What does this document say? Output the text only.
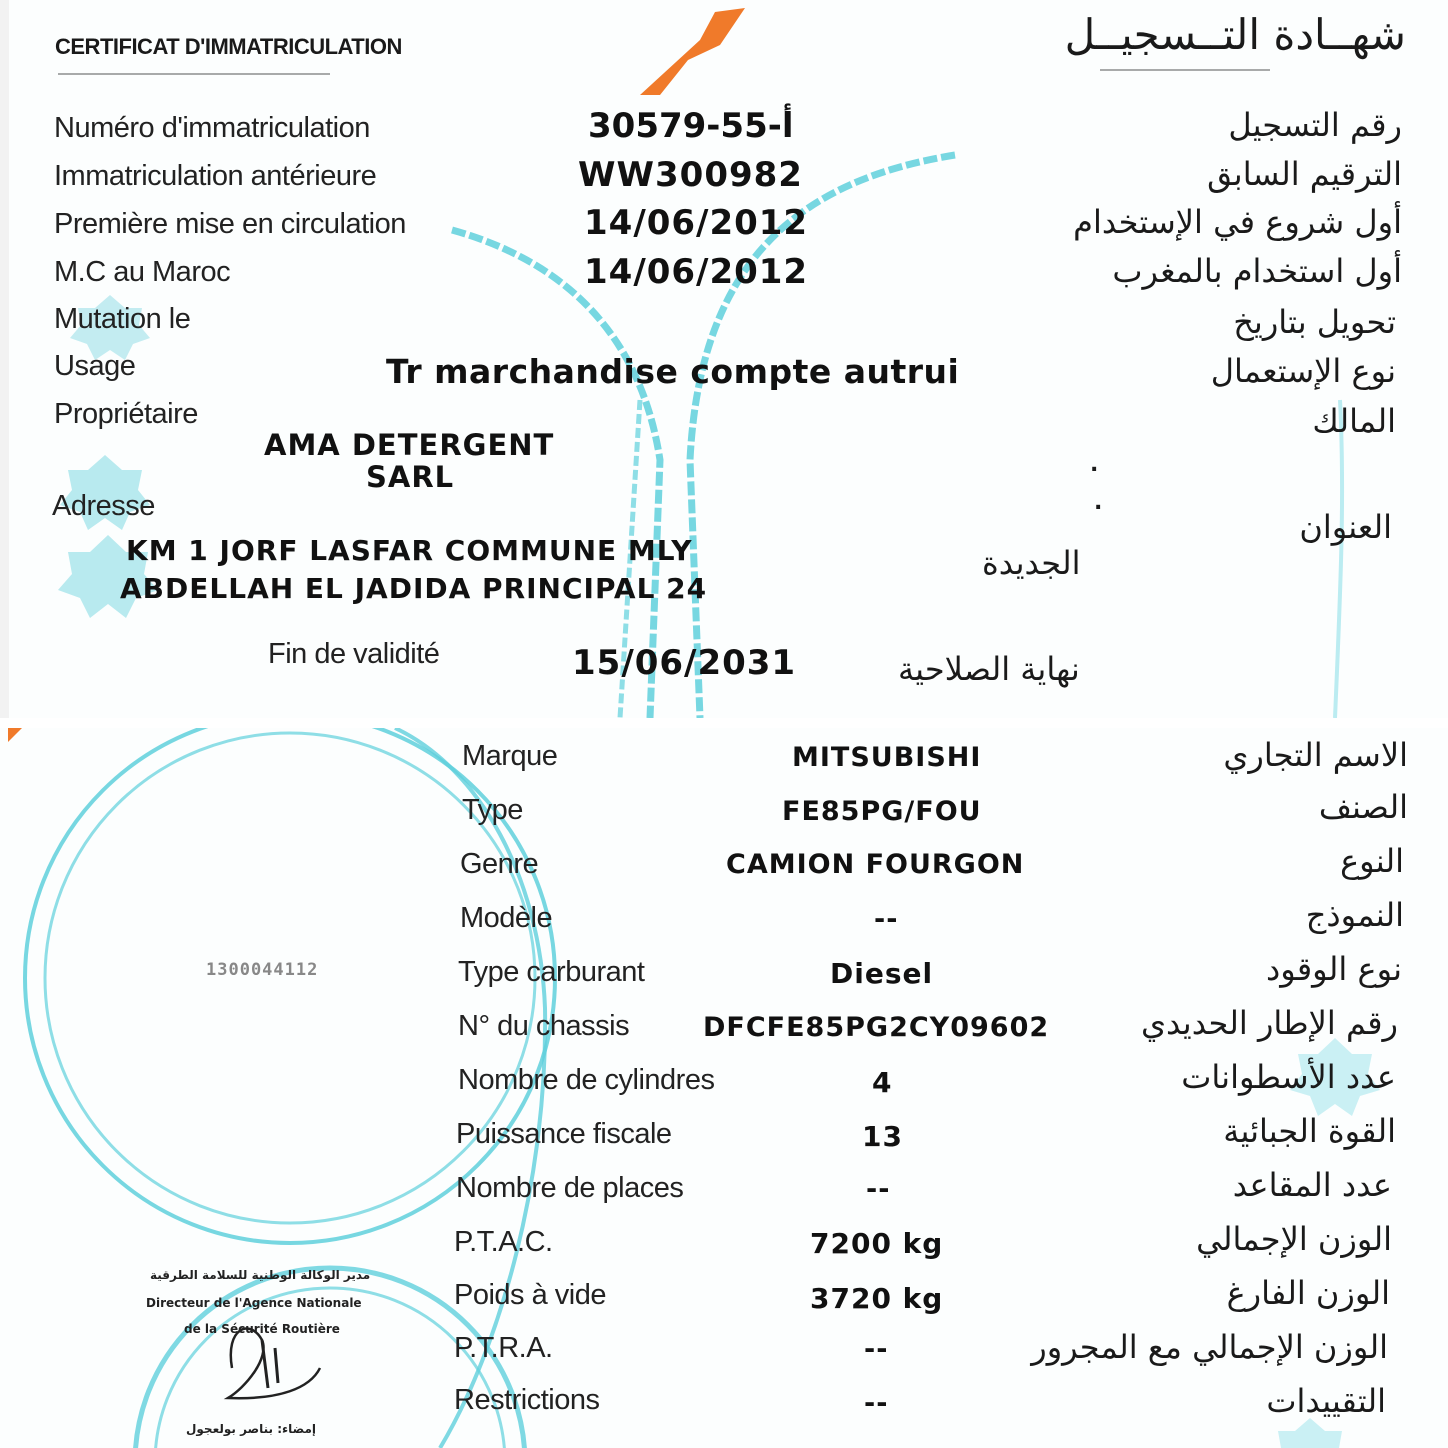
CERTIFICAT D'IMMATRICULATION	شهــادة التــسجيــل
Numéro d'immatriculation	30579-أ-55	رقم التسجيل
Immatriculation antérieure	WW300982	الترقيم السابق
Première mise en circulation	14/06/2012	أول شروع في الإستخدام
M.C au Maroc	14/06/2012	أول استخدام بالمغرب
Mutation le	تحويل بتاريخ
Usage	Tr marchandise compte autrui	نوع الإستعمال
Propriétaire	المالك
AMA DETERGENT
SARL	.
.
Adresse
العنوان
KM 1 JORF LASFAR COMMUNE MLY
ABDELLAH EL JADIDA PRINCIPAL 24
الجديدة
Fin de validité	15/06/2031	نهاية الصلاحية
1300044112
مدير الوكالة الوطنية للسلامة الطرقية
Directeur de l'Agence Nationale
de la Sécurité Routière
إمضاء: بناصر بولعجول
Marque	MITSUBISHI	الاسم التجاري
Type	FE85PG/FOU	الصنف
Genre	CAMION FOURGON	النوع
Modèle	--	النموذج
Type carburant	Diesel	نوع الوقود
N° du chassis	DFCFE85PG2CY09602	رقم الإطار الحديدي
Nombre de cylindres	4	عدد الأسطوانات
Puissance fiscale	13	القوة الجبائية
Nombre de places	--	عدد المقاعد
P.T.A.C.	7200 kg	الوزن الإجمالي
Poids à vide	3720 kg	الوزن الفارغ
P.T.R.A.	--	الوزن الإجمالي مع المجرور
Restrictions	--	التقييدات
